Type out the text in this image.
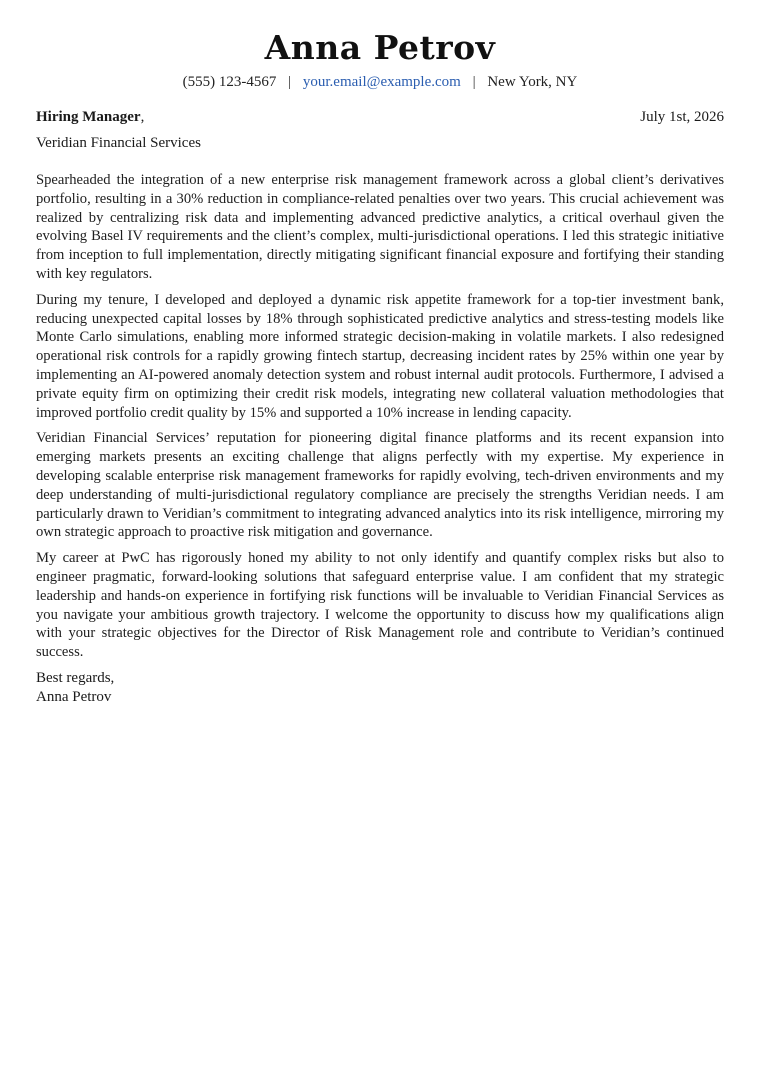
Anna Petrov
(555) 123-4567 | your.email@example.com | New York, NY
Hiring Manager,	July 1st, 2026
Veridian Financial Services

Spearheaded the integration of a new enterprise risk management framework across a global client’s derivatives portfolio, resulting in a 30% reduction in compliance-related penalties over two years. This crucial achievement was realized by centralizing risk data and implementing advanced predictive analytics, a critical overhaul given the evolving Basel IV requirements and the client’s complex, multi-jurisdictional operations. I led this strategic initiative from inception to full implementation, directly mitigating significant financial exposure and fortifying their standing with key regulators.

During my tenure, I developed and deployed a dynamic risk appetite framework for a top-tier investment bank, reducing unexpected capital losses by 18% through sophisticated predictive analytics and stress-testing models like Monte Carlo simulations, enabling more informed strategic decision-making in volatile markets. I also redesigned operational risk controls for a rapidly growing fintech startup, decreasing incident rates by 25% within one year by implementing an AI-powered anomaly detection system and robust internal audit protocols. Furthermore, I advised a private equity firm on optimizing their credit risk models, integrating new collateral valuation methodologies that improved portfolio credit quality by 15% and supported a 10% increase in lending capacity.

Veridian Financial Services’ reputation for pioneering digital finance platforms and its recent expansion into emerging markets presents an exciting challenge that aligns perfectly with my expertise. My experience in developing scalable enterprise risk management frameworks for rapidly evolving, tech-driven environments and my deep understanding of multi-jurisdictional regulatory compliance are precisely the strengths Veridian needs. I am particularly drawn to Veridian’s commitment to integrating advanced analytics into its risk intelligence, mirroring my own strategic approach to proactive risk mitigation and governance.

My career at PwC has rigorously honed my ability to not only identify and quantify complex risks but also to engineer pragmatic, forward-looking solutions that safeguard enterprise value. I am confident that my strategic leadership and hands-on experience in fortifying risk functions will be invaluable to Veridian Financial Services as you navigate your ambitious growth trajectory. I welcome the opportunity to discuss how my qualifications align with your strategic objectives for the Director of Risk Management role and contribute to Veridian’s continued success.

Best regards,
Anna Petrov
